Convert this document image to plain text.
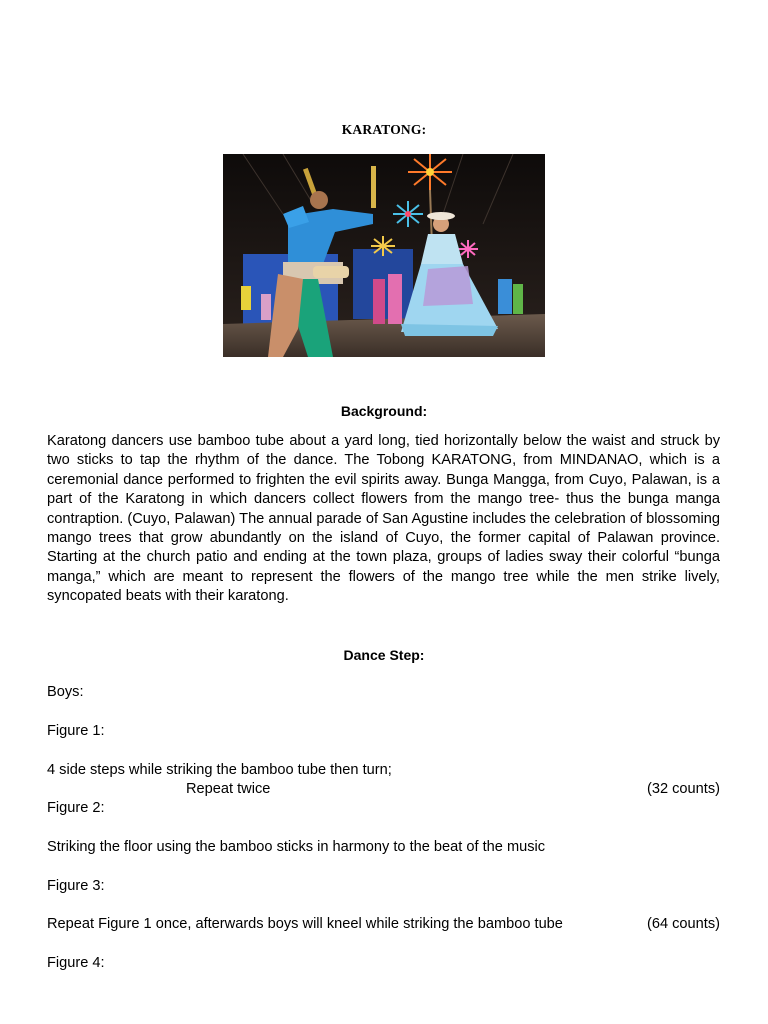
KARATONG:
Background:
Karatong dancers use bamboo tube about a yard long, tied horizontally below the waist and struck by two sticks to tap the rhythm of the dance. The Tobong KARATONG, from MINDANAO, which is a ceremonial dance performed to frighten the evil spirits away. Bunga Mangga, from Cuyo, Palawan, is a part of the Karatong in which dancers collect flowers from the mango tree- thus the bunga manga contraption. (Cuyo, Palawan) The annual parade of San Agustine includes the celebration of blossoming mango trees that grow abundantly on the island of Cuyo, the former capital of Palawan province. Starting at the church patio and ending at the town plaza, groups of ladies sway their colorful “bunga manga,” which are meant to represent the flowers of the mango tree while the men strike lively, syncopated beats with their karatong.
Dance Step:
Boys:
Figure 1:
4 side steps while striking the bamboo tube then turn;
Repeat twice	(32 counts)
Figure 2:
Striking the floor using the bamboo sticks in harmony to the beat of the music
Figure 3:
Repeat Figure 1 once, afterwards boys will kneel while striking the bamboo tube	(64 counts)
Figure 4:
